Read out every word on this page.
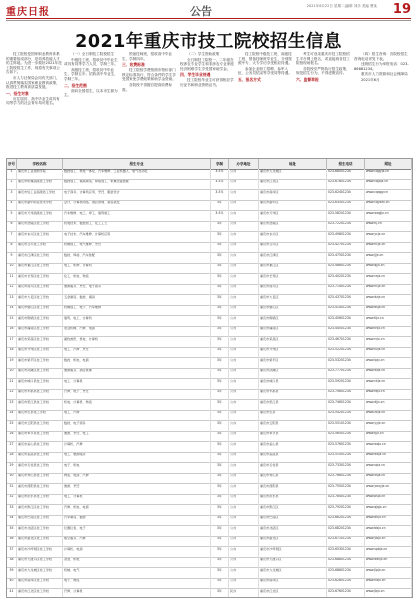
重庆日报	公告	2021年6月22日 星期二|编辑 刘乐 美编 曹某 19
2021年重庆市技工院校招生信息
技工院校是国家职业教育体系的重要组成部分，是培养技能人才的主阵地。为进一步做好2021年技工院校招生工作，现将有关事项公告如下。
市人力社保局会同有关部门，认真贯彻落实国家职业教育政策，推进技工教育高质量发展。
一、招生对象
应往届初、高中毕业生或具有同等学力的社会青年均可报名。
（一）全日制技工院校招生
中级技工班，招收初中毕业生或具有同等学力人员，学制三年。
高级技工班，招收初中毕业生，学制五年；招收高中毕业生，学制三年。
二、招生范围
面向全国招生，以本市生源为主。
预备技师班，招收高中毕业生，学制四年。
三、收费标准
技工院校学费按照市物价部门核定标准执行，符合条件的学生享受国家免学费政策和助学金资助。
各院校不得擅自提高收费标准。
（二）学生资助政策
全日制技工院校一、二年级在校涉农专业学生和非涉农专业家庭经济困难学生享受国家助学金。
四、学生毕业待遇
技工院校毕业生可获得相应学历证书和职业资格证书。
技工院校中级技工班、高级技工班、预备技师班毕业生，分别按照中专、大专学历享受相应待遇。
参加企业职工招聘、参军入伍、公务员招录等享受同等待遇。
五、报名方式
考生可登录重庆市技工院校招生平台网上报名，或直接到各技工院校现场报名。
各院校应严格执行招生政策，规范招生行为，不得虚假宣传。
六、监督举报
（四）招生咨询：各院校招生咨询电话详见下表。
违规招生行为举报电话：023-86881234。
重庆市人力资源和社会保障局
2021年6月
序号	学校名称	招生专业	学制	办学地址	地址	招生电话	网址
1	重庆市工业技师学院	数控加工、机电一体化、汽车维修、工业机器人、电气自动化	3-5年	公办	重庆市九龙坡区	023-68001234	www.cqgyjx.cn
2	重庆市机械高级技工学校	数控加工、模具制造、焊接加工、机械设备装配	3-5年	公办	重庆市江北区	023-67801234	www.cqjxjx.cn
3	重庆市轻工业高级技工学校	电子商务、计算机应用、烹饪、服装设计	3-5年	公办	重庆市南岸区	023-62401234	www.cqqgy.cn
4	重庆市渝中职业技术学校	会计、计算机网络、酒店管理、美容美发	3年	公办	重庆市渝中区	023-63501234	www.cqyzzx.cn
5	重庆市万州高级技工学校	汽车维修、电工、焊工、建筑施工	3-5年	公办	重庆市万州区	023-58201234	www.wzgjjx.cn
6	重庆市涪陵区技工学校	机电技术、数控加工、化工工艺	3年	公办	重庆市涪陵区	023-72201234	www.flj.cn
7	重庆市永川区技工学校	电子技术、汽车维修、计算机应用	3年	公办	重庆市永川区	023-49801234	www.ycjx.cn
8	重庆市合川技工学校	机械加工、电气维修、烹饪	3年	公办	重庆市合川区	023-42701234	www.hcjx.cn
9	重庆市江津区技工学校	数控、焊接、汽车装配	3年	公办	重庆市江津区	023-47501234	www.jjjx.cn
10	重庆市綦江区技工学校	电工、机修、计算机	3年	公办	重庆市綦江区	023-48601234	www.qjjx.cn
11	重庆市长寿区技工学校	化工、机电、物流	3年	公办	重庆市长寿区	023-40201234	www.csjx.cn
12	重庆市南川区技工学校	旅游服务、烹饪、电子商务	3年	公办	重庆市南川区	023-71401234	www.ncjx.cn
13	重庆市大足区技工学校	五金制造、数控、模具	3年	公办	重庆市大足区	023-43701234	www.dzjx.cn
14	重庆市璧山区技工学校	机械加工、电子、汽车维修	3年	公办	重庆市璧山区	023-41401234	www.bsjx.cn
15	重庆市铜梁区技工学校	建筑、电工、计算机	3年	公办	重庆市铜梁区	023-45601234	www.tljx.cn
16	重庆市潼南区技工学校	农业机械、汽修、电商	3年	公办	重庆市潼南区	023-44501234	www.tnjx.cn
17	重庆市荣昌区技工学校	畜牧兽医、机电、计算机	3年	公办	重庆市荣昌区	023-46701234	www.rcjx.cn
18	重庆市开州区技工学校	电工、汽修、烹饪	3年	公办	重庆市开州区	023-52201234	www.kzjx.cn
19	重庆市梁平区技工学校	数控、机电、电商	3年	公办	重庆市梁平区	023-53201234	www.lpjx.cn
20	重庆市武隆区技工学校	旅游服务、酒店管理	3年	公办	重庆市武隆区	023-77701234	www.wljx.cn
21	重庆市城口县技工学校	电工、计算机	3年	公办	重庆市城口县	023-59201234	www.ckjx.cn
22	重庆市丰都县技工学校	汽修、电子、烹饪	3年	公办	重庆市丰都县	023-70601234	www.fdjx.cn
23	重庆市垫江县技工学校	机电、计算机、物流	3年	公办	重庆市垫江县	023-74601234	www.djjx.cn
24	重庆市忠县技工学校	电工、汽修	3年	公办	重庆市忠县	023-54201234	www.zxjx.cn
25	重庆市云阳县技工学校	数控、电子商务	3年	公办	重庆市云阳县	023-55101234	www.yyjx.cn
26	重庆市奉节县技工学校	旅游、烹饪、电工	3年	公办	重庆市奉节县	023-56501234	www.fjjx.cn
27	重庆市巫山县技工学校	计算机、汽修	3年	公办	重庆市巫山县	023-57601234	www.wsjx.cn
28	重庆市巫溪县技工学校	电工、旅游服务	3年	公办	重庆市巫溪县	023-51501234	www.wxjx.cn
29	重庆市石柱县技工学校	电子、机电	3年	公办	重庆市石柱县	023-73301234	www.szjx.cn
30	重庆市秀山县技工学校	物流、电商、汽修	3年	公办	重庆市秀山县	023-76601234	www.xsjx.cn
31	重庆市酉阳县技工学校	旅游、烹饪	3年	公办	重庆市酉阳县	023-75501234	www.youyjx.cn
32	重庆市彭水县技工学校	电工、计算机	3年	公办	重庆市彭水县	023-78401234	www.psjx.cn
33	重庆市黔江区技工学校	汽修、机电、电商	3年	公办	重庆市黔江区	023-79201234	www.qjqjx.cn
34	重庆市巴南区技工学校	汽车制造、数控	3年	公办	重庆市巴南区	023-66201234	www.bnjx.cn
35	重庆市北碚区技工学校	仪器仪表、电子	3年	公办	重庆市北碚区	023-68201234	www.bbjx.cn
36	重庆市渝北区技工学校	航空服务、汽修	3年	公办	重庆市渝北区	023-67101234	www.ybjx.cn
37	重庆市沙坪坝区技工学校	计算机、电商	3年	公办	重庆市沙坪坝区	023-65301234	www.spbjx.cn
38	重庆市大渡口区技工学校	冶金、机电	3年	公办	重庆市大渡口区	023-68801234	www.ddkjx.cn
39	重庆市九龙坡区技工学校	机械、电气	3年	公办	重庆市九龙坡区	023-68601234	www.jlpjx.cn
40	重庆市南岸区技工学校	电子、物流	3年	公办	重庆市南岸区	023-62801234	www.najx.cn
41	重庆市江北区技工学校	汽修、计算机	3年	民办	重庆市江北区	023-67601234	www.jbjx.cn
